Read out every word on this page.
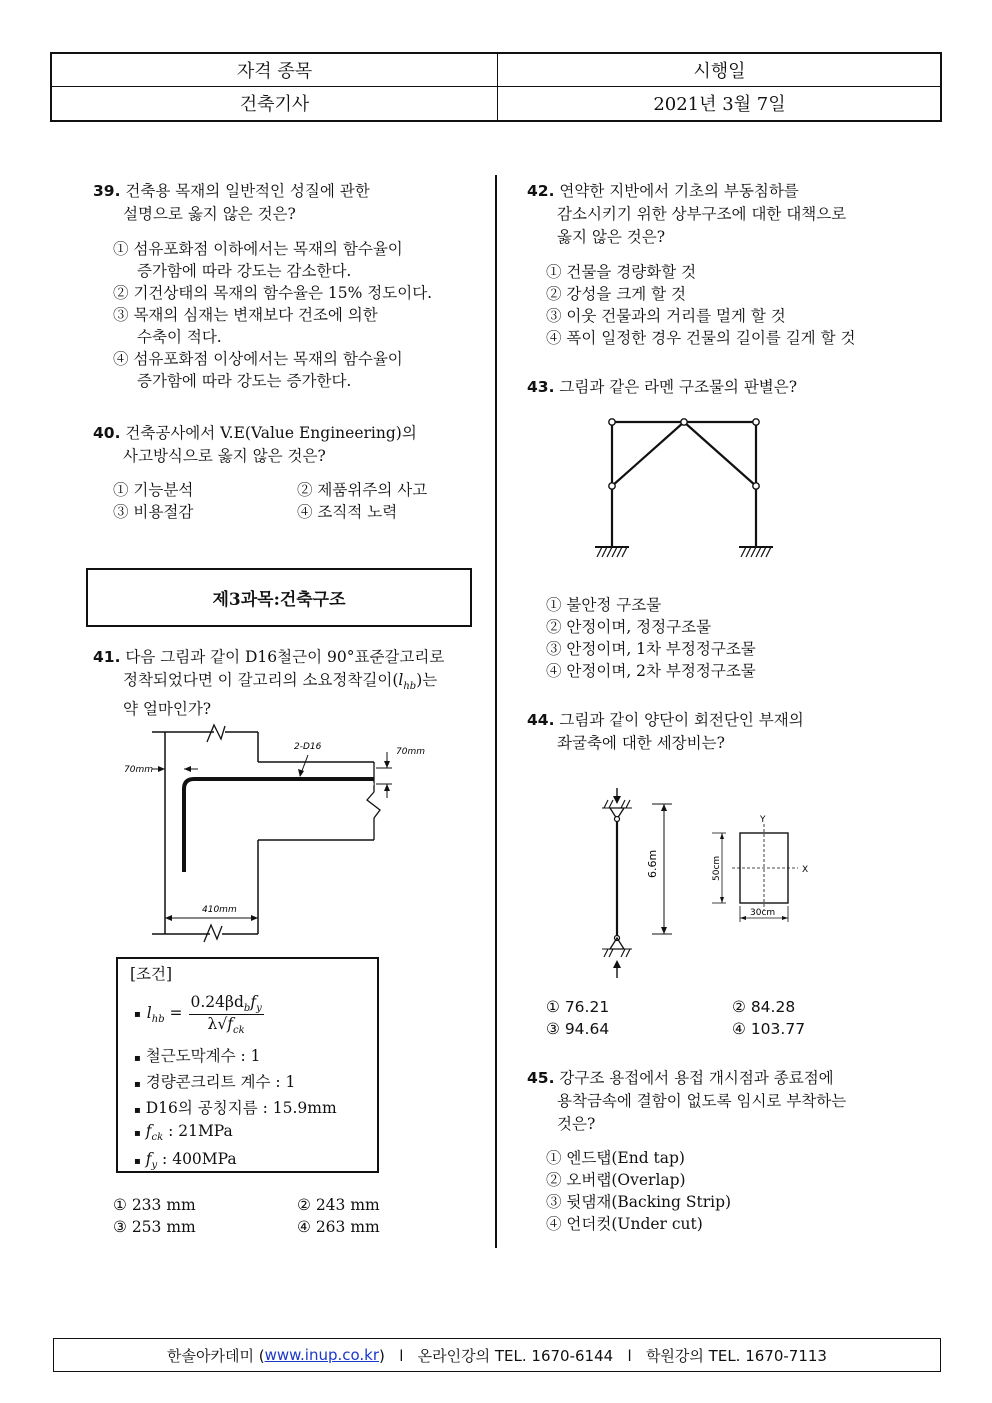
자격 종목	시행일
건축기사	2021년 3월 7일
39. 건축용 목재의 일반적인 성질에 관한
설명으로 옳지 않은 것은?
① 섬유포화점 이하에서는 목재의 함수율이
증가함에 따라 강도는 감소한다.
② 기건상태의 목재의 함수율은 15% 정도이다.
③ 목재의 심재는 변재보다 건조에 의한
수축이 적다.
④ 섬유포화점 이상에서는 목재의 함수율이
증가함에 따라 강도는 증가한다.
40. 건축공사에서 V.E(Value Engineering)의
사고방식으로 옳지 않은 것은?
① 기능분석	② 제품위주의 사고
③ 비용절감	④ 조직적 노력
제3과목:건축구조
41. 다음 그림과 같이 D16철근이 90°표준갈고리로
정착되었다면 이 갈고리의 소요정착길이$(l_{hb})$는
약 얼마인가?
70mm
2-D16	70mm
410mm
[조건]
▪ $l_{hb}$ =
$0.24\beta d_bf_y$
$\lambda√f_{ck}$
▪ 철근도막계수 : 1
▪ 경량콘크리트 계수 : 1
▪ D16의 공칭지름 : 15.9mm
▪ $f_{ck}$ : 21MPa
▪ $f_y$ : 400MPa
① 233 mm	② 243 mm
③ 253 mm	④ 263 mm
42. 연약한 지반에서 기초의 부동침하를
감소시키기 위한 상부구조에 대한 대책으로
옳지 않은 것은?
① 건물을 경량화할 것
② 강성을 크게 할 것
③ 이웃 건물과의 거리를 멀게 할 것
④ 폭이 일정한 경우 건물의 길이를 길게 할 것
43. 그림과 같은 라멘 구조물의 판별은?
① 불안정 구조물
② 안정이며, 정정구조물
③ 안정이며, 1차 부정정구조물
④ 안정이며, 2차 부정정구조물
44. 그림과 같이 양단이 회전단인 부재의
좌굴축에 대한 세장비는?
6.6m
Y
X
50cm
30cm
① 76.21	② 84.28
③ 94.64	④ 103.77
45. 강구조 용접에서 용접 개시점과 종료점에
용착금속에 결함이 없도록 임시로 부착하는
것은?
① 엔드탭(End tap)
② 오버랩(Overlap)
③ 뒷댐재(Backing Strip)
④ 언더컷(Under cut)
한솔아카데미 ( www.inup.co.kr )   l   온라인강의 TEL. 1670-6144   l   학원강의 TEL. 1670-7113
